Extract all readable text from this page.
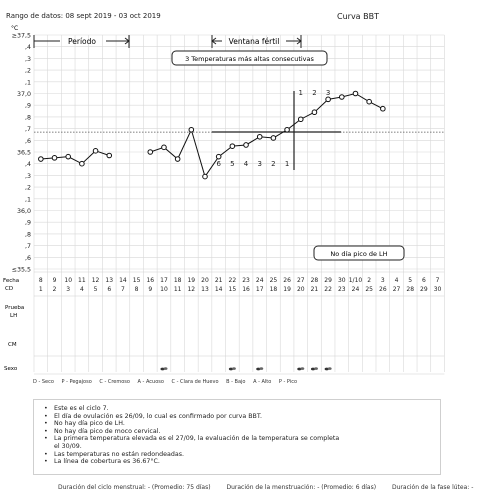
Rango de datos: 08 sept 2019 - 03 oct 2019	Curva BBT
≥37,5
,4
,3
,2
,1
37,0
,9
,8
,7
,6
36,5
,4
,3
,2
,1
36,0
,9
,8
,7
,6
≤35,5
°C
Período	Ventana fértil
3 Temperaturas más altas consecutivas
No día pico de LH
6 5 4 3 2 1
1 2 3
8 9 10 11 12 13 14 15 16 17 18 19 20 21 22 23 24 25 26 27 28 29 30 1/10 2 3 4 5 6 7
1 2 3 4 5 6 7 8 9 10 11 12 13 14 15 16 17 18 19 20 21 22 23 24 25 26 27 28 29 30
Fecha
CD
Prueba
LH
CM
Sexo
D - Seco P - Pegajoso C - Cremoso A - Acuoso C - Clara de Huevo B - Bajo A - Alto P - Pico
• Este es el ciclo 7.
• El día de ovulación es 26/09, lo cual es confirmado por curva BBT.
• No hay día pico de LH.
• No hay día pico de moco cervical.
• La primera temperatura elevada es el 27/09, la evaluación de la temperatura se completa
el 30/09.
• Las temperaturas no están redondeadas.
• La línea de cobertura es 36.67°C.
Duración del ciclo menstrual: - (Promedio: 75 días)	Duración de la menstruación: - (Promedio: 6 días)	Duración de la fase lútea: -
